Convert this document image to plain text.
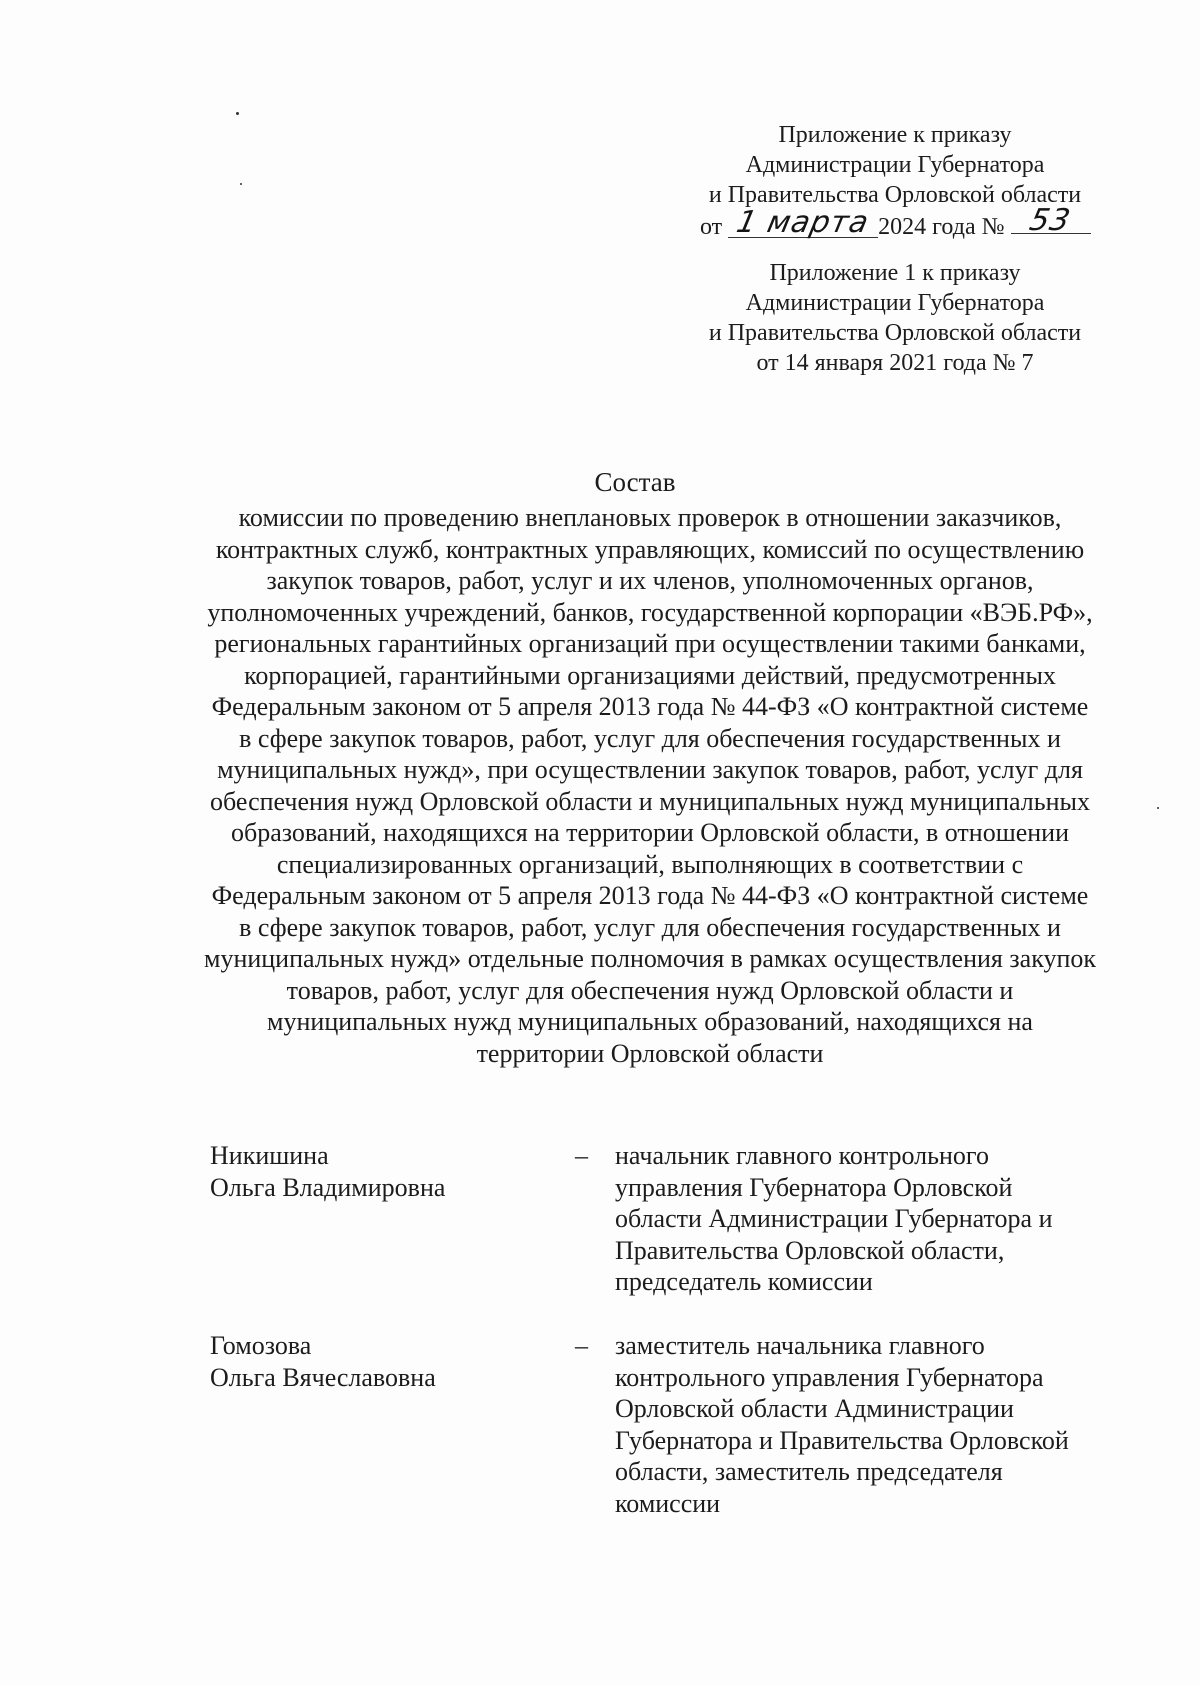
Приложение к приказу
Администрации Губернатора
и Правительства Орловской области
от 1 марта 2024 года № 53
Приложение 1 к приказу
Администрации Губернатора
и Правительства Орловской области
от 14 января 2021 года № 7
Состав
комиссии по проведению внеплановых проверок в отношении заказчиков,
контрактных служб, контрактных управляющих, комиссий по осуществлению
закупок товаров, работ, услуг и их членов, уполномоченных органов,
уполномоченных учреждений, банков, государственной корпорации «ВЭБ.РФ»,
региональных гарантийных организаций при осуществлении такими банками,
корпорацией, гарантийными организациями действий, предусмотренных
Федеральным законом от 5 апреля 2013 года № 44-ФЗ «О контрактной системе
в сфере закупок товаров, работ, услуг для обеспечения государственных и
муниципальных нужд», при осуществлении закупок товаров, работ, услуг для
обеспечения нужд Орловской области и муниципальных нужд муниципальных
образований, находящихся на территории Орловской области, в отношении
специализированных организаций, выполняющих в соответствии с
Федеральным законом от 5 апреля 2013 года № 44-ФЗ «О контрактной системе
в сфере закупок товаров, работ, услуг для обеспечения государственных и
муниципальных нужд» отдельные полномочия в рамках осуществления закупок
товаров, работ, услуг для обеспечения нужд Орловской области и
муниципальных нужд муниципальных образований, находящихся на
территории Орловской области
Никишина
Ольга Владимировна
– начальник главного контрольного
управления Губернатора Орловской
области Администрации Губернатора и
Правительства Орловской области,
председатель комиссии
Гомозова
Ольга Вячеславовна
– заместитель начальника главного
контрольного управления Губернатора
Орловской области Администрации
Губернатора и Правительства Орловской
области, заместитель председателя
комиссии
